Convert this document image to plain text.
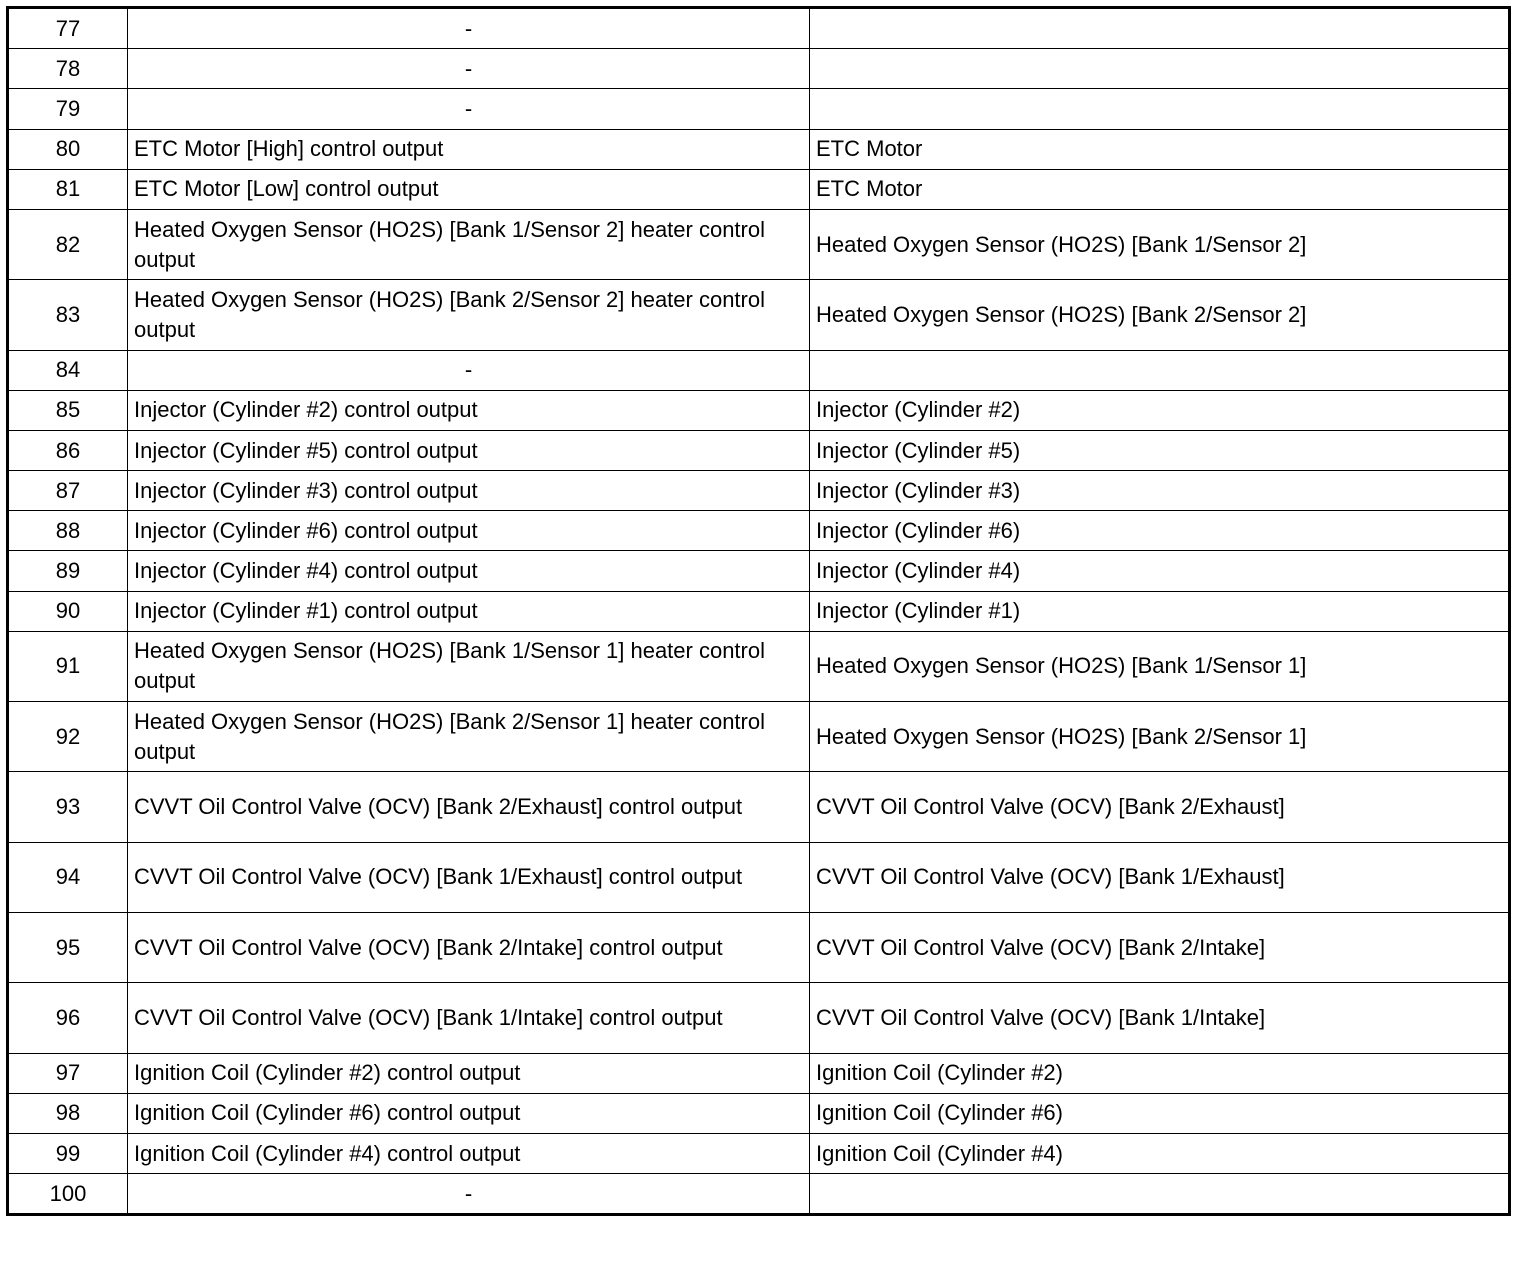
77	-	
78	-	
79	-	
80	ETC Motor [High] control output	ETC Motor
81	ETC Motor [Low] control output	ETC Motor
82	Heated Oxygen Sensor (HO2S) [Bank 1/Sensor 2] heater control output	Heated Oxygen Sensor (HO2S) [Bank 1/Sensor 2]
83	Heated Oxygen Sensor (HO2S) [Bank 2/Sensor 2] heater control output	Heated Oxygen Sensor (HO2S) [Bank 2/Sensor 2]
84	-	
85	Injector (Cylinder #2) control output	Injector (Cylinder #2)
86	Injector (Cylinder #5) control output	Injector (Cylinder #5)
87	Injector (Cylinder #3) control output	Injector (Cylinder #3)
88	Injector (Cylinder #6) control output	Injector (Cylinder #6)
89	Injector (Cylinder #4) control output	Injector (Cylinder #4)
90	Injector (Cylinder #1) control output	Injector (Cylinder #1)
91	Heated Oxygen Sensor (HO2S) [Bank 1/Sensor 1] heater control output	Heated Oxygen Sensor (HO2S) [Bank 1/Sensor 1]
92	Heated Oxygen Sensor (HO2S) [Bank 2/Sensor 1] heater control output	Heated Oxygen Sensor (HO2S) [Bank 2/Sensor 1]
93	CVVT Oil Control Valve (OCV) [Bank 2/Exhaust] control output	CVVT Oil Control Valve (OCV) [Bank 2/Exhaust]
94	CVVT Oil Control Valve (OCV) [Bank 1/Exhaust] control output	CVVT Oil Control Valve (OCV) [Bank 1/Exhaust]
95	CVVT Oil Control Valve (OCV) [Bank 2/Intake] control output	CVVT Oil Control Valve (OCV) [Bank 2/Intake]
96	CVVT Oil Control Valve (OCV) [Bank 1/Intake] control output	CVVT Oil Control Valve (OCV) [Bank 1/Intake]
97	Ignition Coil (Cylinder #2) control output	Ignition Coil (Cylinder #2)
98	Ignition Coil (Cylinder #6) control output	Ignition Coil (Cylinder #6)
99	Ignition Coil (Cylinder #4) control output	Ignition Coil (Cylinder #4)
100	-	
